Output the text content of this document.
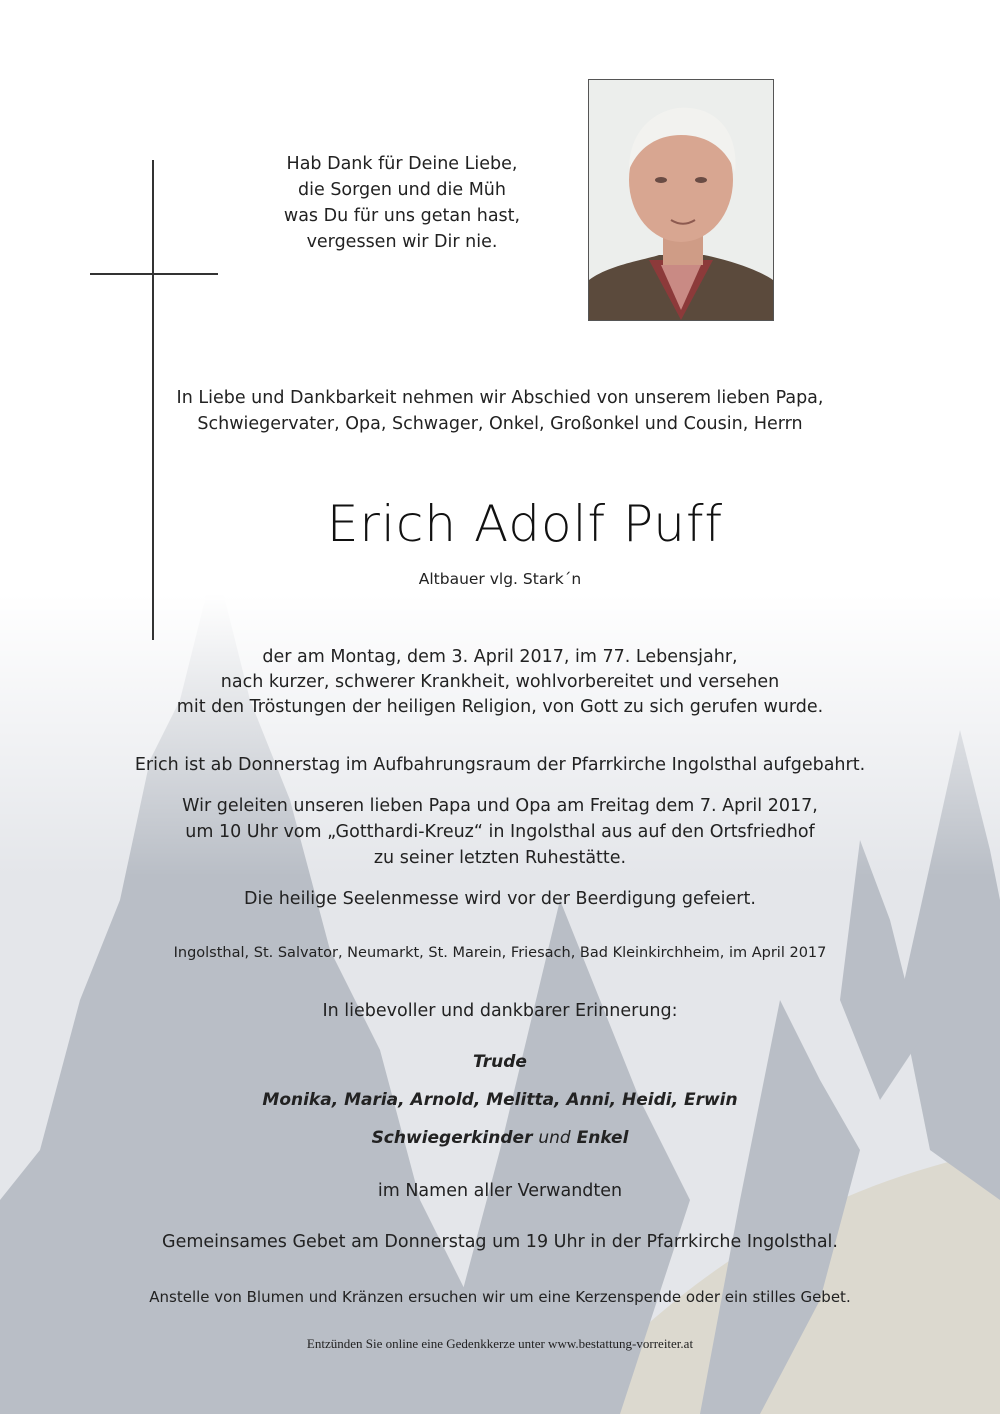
Hab Dank für Deine Liebe,
die Sorgen und die Müh
was Du für uns getan hast,
vergessen wir Dir nie.
In Liebe und Dankbarkeit nehmen wir Abschied von unserem lieben Papa,
Schwiegervater, Opa, Schwager, Onkel, Großonkel und Cousin, Herrn
Erich Adolf Puff
Altbauer vlg. Stark´n
der am Montag, dem 3. April 2017, im 77. Lebensjahr,
nach kurzer, schwerer Krankheit, wohlvorbereitet und versehen
mit den Tröstungen der heiligen Religion, von Gott zu sich gerufen wurde.
Erich ist ab Donnerstag im Aufbahrungsraum der Pfarrkirche Ingolsthal aufgebahrt.
Wir geleiten unseren lieben Papa und Opa am Freitag dem 7. April 2017,
um 10 Uhr vom „Gotthardi-Kreuz“ in Ingolsthal aus auf den Ortsfriedhof
zu seiner letzten Ruhestätte.
Die heilige Seelenmesse wird vor der Beerdigung gefeiert.
Ingolsthal, St. Salvator, Neumarkt, St. Marein, Friesach, Bad Kleinkirchheim, im April 2017
In liebevoller und dankbarer Erinnerung:
Trude
Monika, Maria, Arnold, Melitta, Anni, Heidi, Erwin
Schwiegerkinder und Enkel
im Namen aller Verwandten
Gemeinsames Gebet am Donnerstag um 19 Uhr in der Pfarrkirche Ingolsthal.
Anstelle von Blumen und Kränzen ersuchen wir um eine Kerzenspende oder ein stilles Gebet.
Entzünden Sie online eine Gedenkkerze unter www.bestattung-vorreiter.at
